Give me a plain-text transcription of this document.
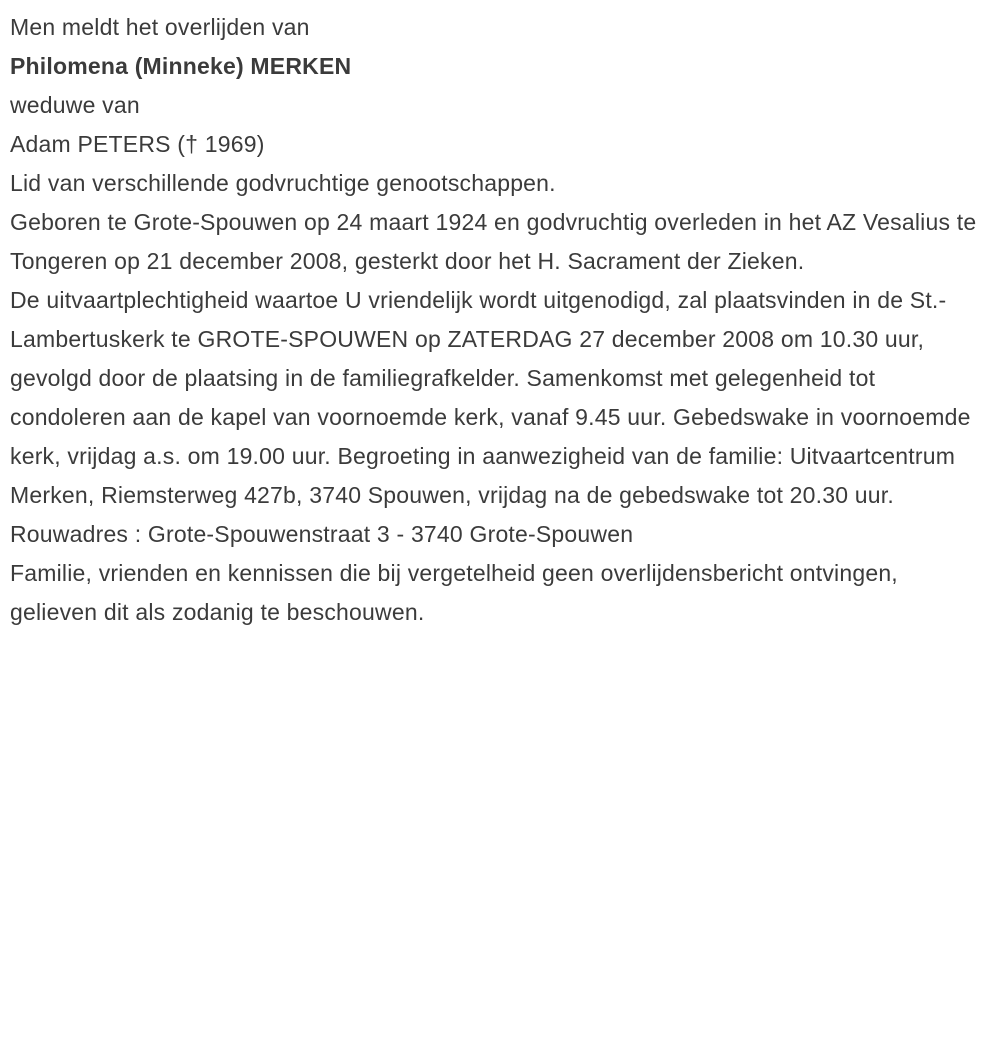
Men meldt het overlijden van

Philomena (Minneke) MERKEN

weduwe van

Adam PETERS († 1969)

Lid van verschillende godvruchtige genootschappen.

Geboren te Grote-Spouwen op 24 maart 1924 en godvruchtig overleden in het AZ Vesalius te Tongeren op 21 december 2008, gesterkt door het H. Sacrament der Zieken.

De uitvaartplechtigheid waartoe U vriendelijk wordt uitgenodigd, zal plaatsvinden in de St.-Lambertuskerk te GROTE-SPOUWEN op ZATERDAG 27 december 2008 om 10.30 uur, gevolgd door de plaatsing in de familiegrafkelder. Samenkomst met gelegenheid tot condoleren aan de kapel van voornoemde kerk, vanaf 9.45 uur. Gebedswake in voornoemde kerk, vrijdag a.s. om 19.00 uur. Begroeting in aanwezigheid van de familie: Uitvaartcentrum Merken, Riemsterweg 427b, 3740 Spouwen, vrijdag na de gebedswake tot 20.30 uur.

Rouwadres : Grote-Spouwenstraat 3 - 3740 Grote-Spouwen

Familie, vrienden en kennissen die bij vergetelheid geen overlijdensbericht ontvingen, gelieven dit als zodanig te beschouwen.
